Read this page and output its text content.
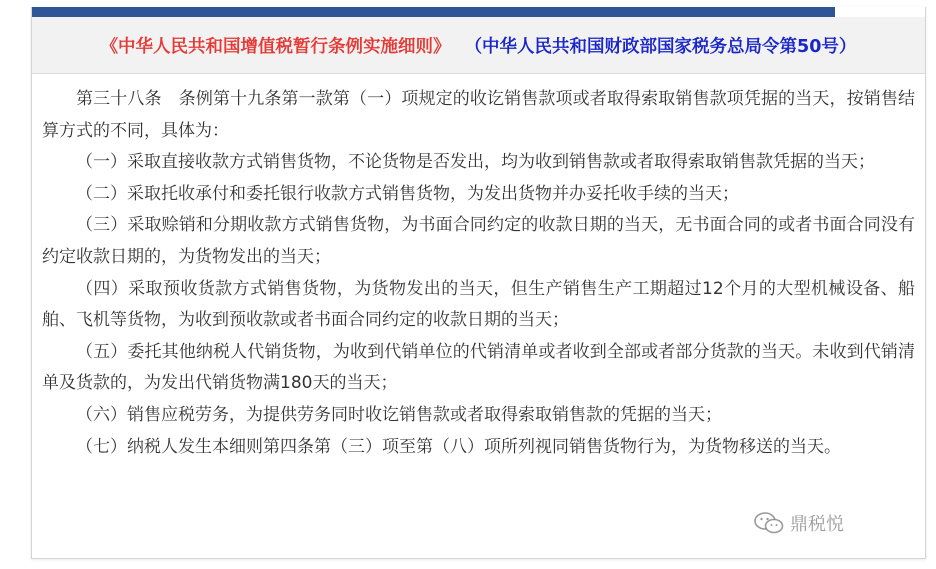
《中华人民共和国增值税暂行条例实施细则》 （中华人民共和国财政部国家税务总局令第50号）

第三十八条　条例第十九条第一款第（一）项规定的收讫销售款项或者取得索取销售款项凭据的当天，按销售结算方式的不同，具体为：

（一）采取直接收款方式销售货物，不论货物是否发出，均为收到销售款或者取得索取销售款凭据的当天；

（二）采取托收承付和委托银行收款方式销售货物，为发出货物并办妥托收手续的当天；

（三）采取赊销和分期收款方式销售货物，为书面合同约定的收款日期的当天，无书面合同的或者书面合同没有约定收款日期的，为货物发出的当天；

（四）采取预收货款方式销售货物，为货物发出的当天，但生产销售生产工期超过12个月的大型机械设备、船舶、飞机等货物，为收到预收款或者书面合同约定的收款日期的当天；

（五）委托其他纳税人代销货物，为收到代销单位的代销清单或者收到全部或者部分货款的当天。未收到代销清单及货款的，为发出代销货物满180天的当天；

（六）销售应税劳务，为提供劳务同时收讫销售款或者取得索取销售款的凭据的当天；

（七）纳税人发生本细则第四条第（三）项至第（八）项所列视同销售货物行为，为货物移送的当天。

鼎税悦
